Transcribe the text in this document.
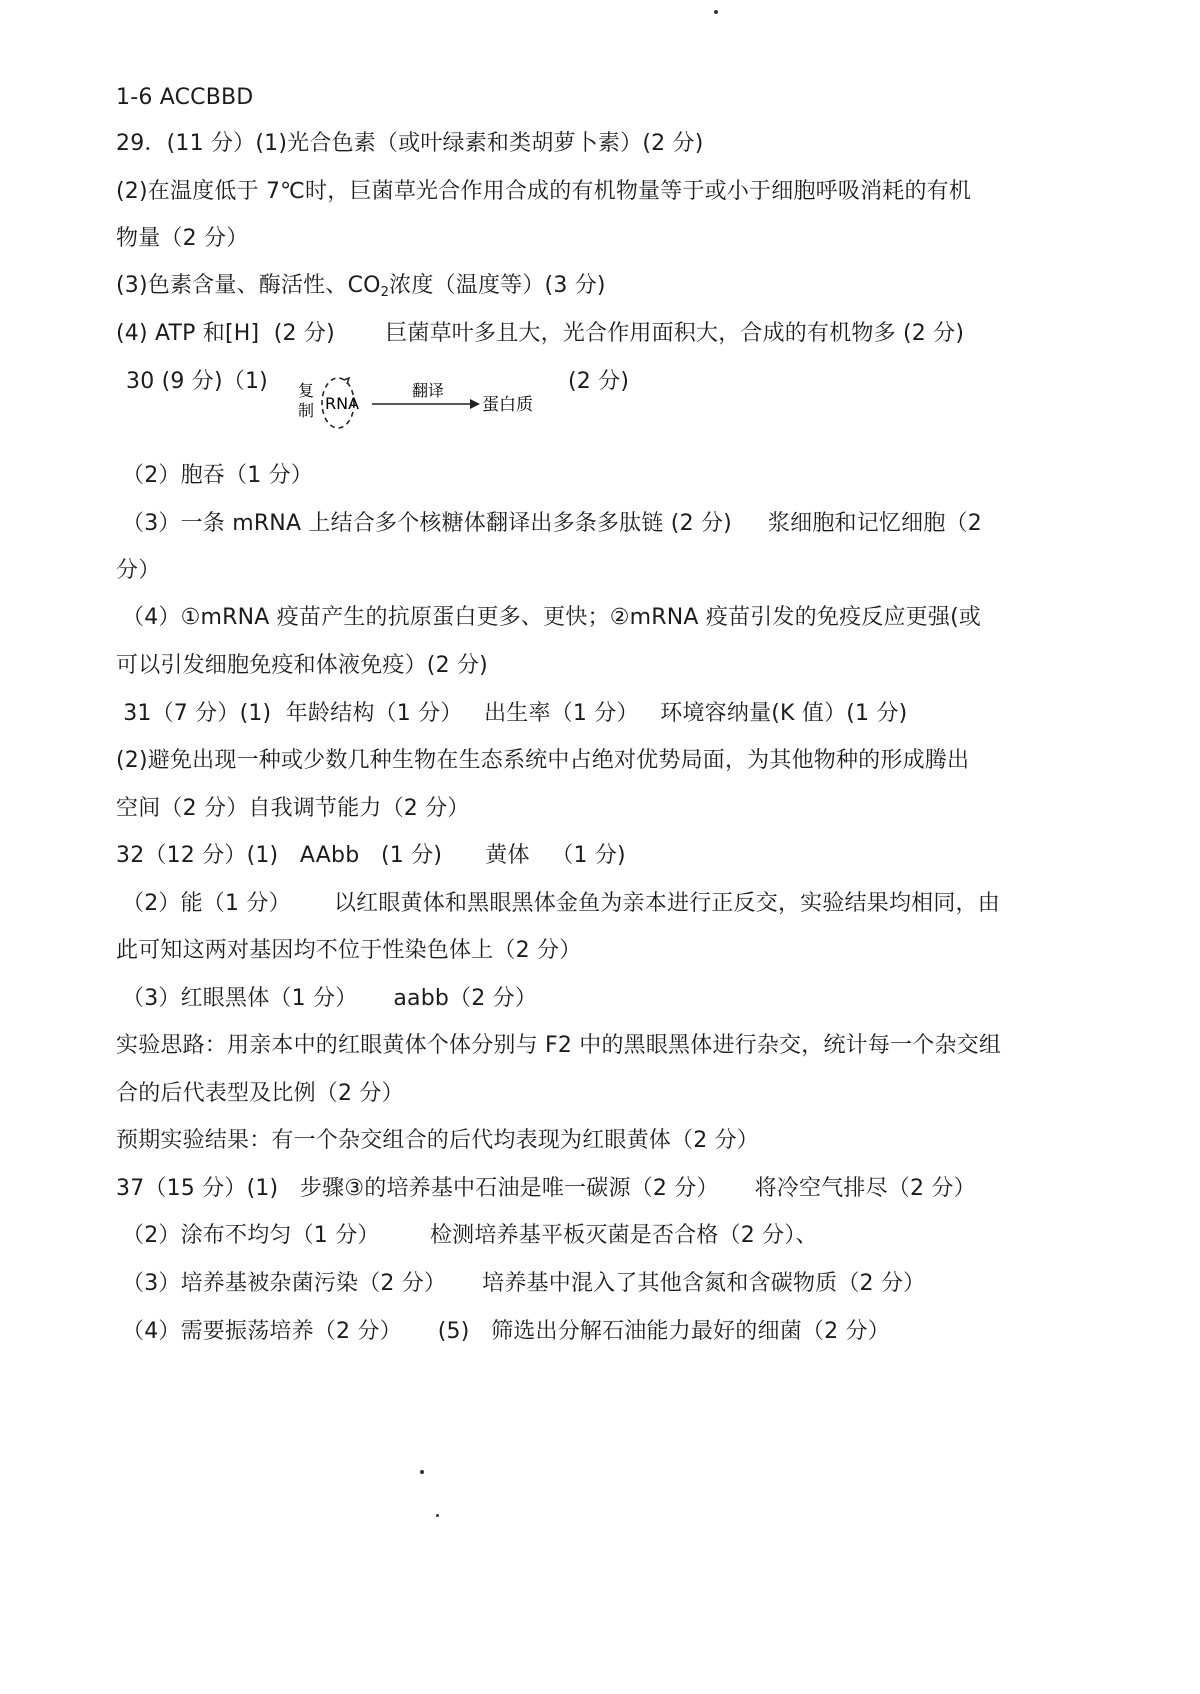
1-6 ACCBBD
29．(11 分）(1)光合色素（或叶绿素和类胡萝卜素）(2 分)
(2)在温度低于 7℃时，巨菌草光合作用合成的有机物量等于或小于细胞呼吸消耗的有机
物量（2 分）
(3)色素含量、酶活性、$CO_2$浓度（温度等）(3 分)
(4) ATP 和[H]  (2 分)       巨菌草叶多且大，光合作用面积大，合成的有机物多 (2 分)
30 (9 分)（1)	(2 分)
复
制 RNA
翻译
蛋白质
（2）胞吞（1 分）
（3）一条 mRNA 上结合多个核糖体翻译出多条多肽链 (2 分)     浆细胞和记忆细胞（2
分）
（4）①mRNA 疫苗产生的抗原蛋白更多、更快；②mRNA 疫苗引发的免疫反应更强(或
可以引发细胞免疫和体液免疫）(2 分)
31（7 分）(1)  年龄结构（1 分）   出生率（1 分）   环境容纳量(K 值）(1 分)
(2)避免出现一种或少数几种生物在生态系统中占绝对优势局面，为其他物种的形成腾出
空间（2 分）自我调节能力（2 分）
32（12 分）(1)   AAbb   (1 分)      黄体   （1 分)
（2）能（1 分）      以红眼黄体和黑眼黑体金鱼为亲本进行正反交，实验结果均相同，由
此可知这两对基因均不位于性染色体上（2 分）
（3）红眼黑体（1 分）     aabb（2 分）
实验思路：用亲本中的红眼黄体个体分别与 F2 中的黑眼黑体进行杂交，统计每一个杂交组
合的后代表型及比例（2 分）
预期实验结果：有一个杂交组合的后代均表现为红眼黄体（2 分）
37（15 分）(1)   步骤③的培养基中石油是唯一碳源（2 分）     将冷空气排尽（2 分）
（2）涂布不均匀（1 分）       检测培养基平板灭菌是否合格（2 分）、
（3）培养基被杂菌污染（2 分）     培养基中混入了其他含氮和含碳物质（2 分）
（4）需要振荡培养（2 分）     (5)   筛选出分解石油能力最好的细菌（2 分）
